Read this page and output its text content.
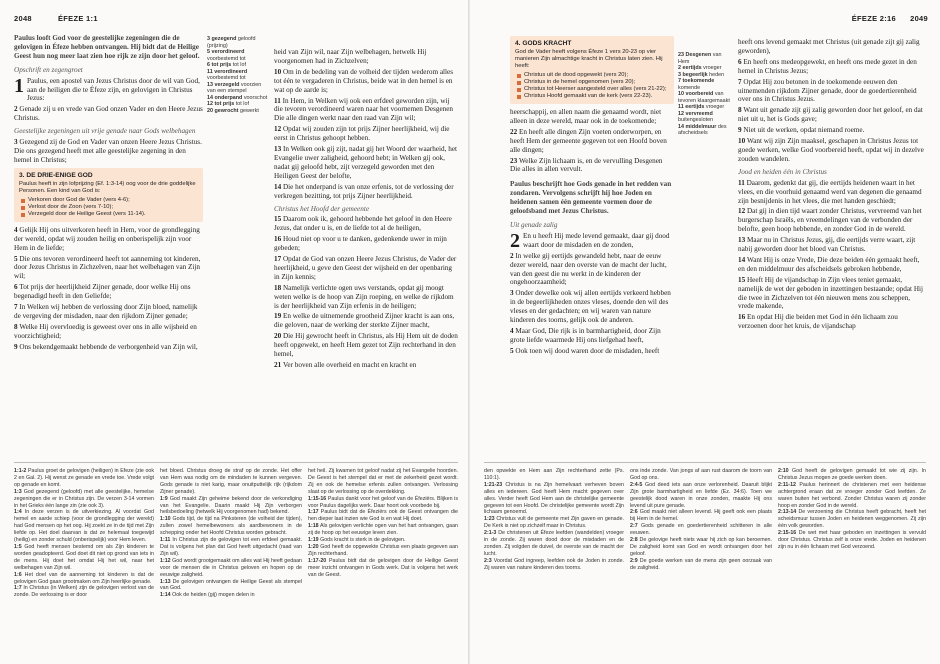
2048	ÉFEZE 1:1

Paulus looft God voor de geestelijke zegeningen die de gelovigen in Éfeze hebben ontvangen. Hij bidt dat de Heilige Geest hun nog meer laat zien hoe rijk ze zijn door het geloof.

Opschrift en zegengroet

1 Paulus, een apostel van Jezus Christus door de wil van God, aan de heiligen die te Éfeze zijn, en gelovigen in Christus Jezus:

2 Genade zij u en vrede van God onzen Vader en den Heere Jezus Christus.

Geestelijke zegeningen uit vrije genade naar Gods welbehagen

3 Gezegend zij de God en Vader van onzen Heere Jezus Christus. Die ons gezegend heeft met alle geestelijke zegening in den hemel in Christus;

3. DE DRIE-ENIGE GOD
Paulus heeft in zijn lofprijzing (Ef. 1:3-14) oog voor de drie goddelijke Personen. Een kind van God is:
Verkoren door God de Vader (vers 4-6);
Verlost door de Zoon (vers 7-10);
Verzegeld door de Heilige Geest (vers 11-14).

4 Gelijk Hij ons uitverkoren heeft in Hem, voor de grondlegging der wereld, opdat wij zouden heilig en onberispelijk zijn voor Hem in de liefde;

5 Die ons tevoren verordineerd heeft tot aanneming tot kinderen, door Jezus Christus in Zichzelven, naar het welbehagen van Zijn wil;

6 Tot prijs der heerlijkheid Zijner genade, door welke Hij ons begenadigd heeft in den Geliefde;

7 In Welken wij hebben de verlossing door Zijn bloed, namelijk de vergeving der misdaden, naar den rijkdom Zijner genade;

8 Welke Hij overvloedig is geweest over ons in alle wijsheid en voorzichtigheid;

9 Ons bekendgemaakt hebbende de verborgenheid van Zijn wil,

3 gezegend geloofd (prijzing)
5 verordineerd voorbestemd tot
6 tot prijs tot lof
11 verordineerd voorbestemd tot
13 verzegeld voorzien van een stempel
14 onderpand voorschot
12 tot prijs tot lof
20 gewrocht gewerkt

heid van Zijn wil, naar Zijn welbehagen, hetwelk Hij voorgenomen had in Zichzelven;

10 Om in de bedeling van de volheid der tijden wederom alles tot één te vergaderen in Christus, beide wat in den hemel is en wat op de aarde is;

11 In Hem, in Welken wij ook een erfdeel geworden zijn, wij die tevoren verordineerd waren naar het voornemen Desgenen Die alle dingen werkt naar den raad van Zijn wil;

12 Opdat wij zouden zijn tot prijs Zijner heerlijkheid, wij die eerst in Christus gehoopt hebben.

13 In Welken ook gij zijt, nadat gij het Woord der waarheid, het Evangelie uwer zaligheid, gehoord hebt; in Welken gij ook, nadat gij geloofd hebt, zijt verzegeld geworden met den Heiligen Geest der belofte,

14 Die het onderpand is van onze erfenis, tot de verlossing der verkregen bezitting, tot prijs Zijner heerlijkheid.

Christus het Hoofd der gemeente

15 Daarom ook ik, gehoord hebbende het geloof in den Heere Jezus, dat onder u is, en de liefde tot al de heiligen,

16 Houd niet op voor u te danken, gedenkende uwer in mijn gebeden;

17 Opdat de God van onzen Heere Jezus Christus, de Vader der heerlijkheid, u geve den Geest der wijsheid en der openbaring in Zijn kennis;

18 Namelijk verlichte ogen uws verstands, opdat gij moogt weten welke is de hoop van Zijn roeping, en welke de rijkdom is der heerlijkheid van Zijn erfenis in de heiligen;

19 En welke de uitnemende grootheid Zijner kracht is aan ons, die geloven, naar de werking der sterkte Zijner macht,

20 Die Hij gewrocht heeft in Christus, als Hij Hem uit de doden heeft opgewekt, en heeft Hem gezet tot Zijn rechterhand in den hemel,

21 Ver boven alle overheid en macht en kracht en

1:1-2 Paulus groet de gelovigen (heiligen) in Éfeze (zie ook 2 en Gal. 2). Hij wenst ze genade en vrede toe. Vrede volgt op genade en komt.
1:3 God gezegend (geloofd) met alle geestelijke, hemelse zegeningen die er in Christus zijn. De verzen 3-14 vormen in het Grieks één lange zin (zie ook 3).
1:4 In deze verzen is de uitverkiezing. Al voordat God hemel en aarde schiep (voor de grondlegging der wereld) had God mensen op het oog. Hij zoekt ze in de tijd met Zijn liefde op. Het doel daarvan is dat ze helemaal toegewijd (heilig) en zonder schuld (onberispelijk) voor Hem leven.
1:5 God heeft mensen bestemd om als Zijn kinderen te worden geadopteerd. God doet dit niet op grond van iets in de mens. Hij doet het omdat Hij het wil, naar het welbehagen van Zijn wil.
1:6 Het doel van de aanneming tot kinderen is dat de gelovigen God gaan grootmaken om Zijn heerlijke genade.
1:7 In Christus (in Welken) zijn de gelovigen verlost van de zonde. De verlossing is er door
het bloed. Christus droeg de straf op de zonde. Het offer van Hem was nodig om de mindaden te kunnen vergeven. Gods genade is niet karig, maar onuitputtelijk rijk (rijkdom Zijner genade).
1:9 God maakt Zijn geheime bekend door de verkondiging van het Evangelie. Daarin maakt Hij Zijn verborgen heilsbedoeling (hetwelk Hij voorgenomen had) bekend.
1:10 Gods tijd, de tijd na Pinksteren (de volheid der tijden), zullen zowel hemelbewoners als aardbewoners in de schepping onder het Hoofd Christus worden gebracht.
1:11 In Christus zijn de gelovigen tot een erfdeel gemaakt. Dat is volgens het plan dat God heeft uitgedacht (raad van Zijn wil).
1:12 God wordt grootgemaakt om alles wat Hij heeft gedaan voor de mensen die in Christus geloven en hopen op de eeuwige zaligheid.
1:13 De gelovigen ontvangen de Heilige Geest als stempel van God.
1:14 Ook de heiden (gij) mogen delen in
het heil. Zij kwamen tot geloof nadat zij het Evangelie hoorden. De Geest is het stempel dat er met de zekerheid gezet wordt. Zij en ook de hemelse erfenis zullen ontvangen. Verlossing slaat op de verlossing op de overdekking.
1:15-16 Paulus dankt voor het geloof van de Éfeziërs. Blijken is voor Paulus dagelijks werk. Daar hoort ook voorbede bij.
1:17 Paulus bidt dat de Éfeziërs ook de Geest ontvangen die hen dieper laat inzien wie God is en wat Hij doet.
1:18 Als gelovigen verlichte ogen van het hart ontvangen, gaan zij de hoop op het eeuwige leven zien.
1:19 Gods kracht is sterk in de gelovigen.
1:20 God heeft de opgewekte Christus een plaats gegeven aan Zijn rechterhand.
1:17-20 Paulus bidt dat de gelovigen door de Heilige Geest meer inzicht ontvangen in Gods werk. Dat is volgens het werk van de Geest.
ÉFEZE 2:16 2049
4. GODS KRACHT
God de Vader heeft volgens Éfeze 1 vers 20-23 op vier manieren Zijn almachtige kracht in Christus laten zien. Hij heeft:
Christus uit de dood opgewekt (vers 20);
Christus in de hemel opgenomen (vers 20);
Christus tot Heerser aangesteld over alles (vers 21-22);
Christus Hoofd gemaakt van de kerk (vers 22-23).

heerschappij, en allen naam die genaamd wordt, niet alleen in deze wereld, maar ook in de toekomende;

22 En heeft alle dingen Zijn voeten onderworpen, en heeft Hem der gemeente gegeven tot een Hoofd boven alle dingen;

23 Welke Zijn lichaam is, en de vervulling Desgenen Die alles in allen vervult.

Paulus beschrijft hoe Gods genade in het redden van zondaren. Vervolgens schrijft hij hoe Joden en heidenen samen één gemeente vormen door de geloofsband met Jezus Christus.

Uit genade zalig

2 En u heeft Hij mede levend gemaakt, daar gij dood waart door de misdaden en de zonden,

2 In welke gij eertijds gewandeld hebt, naar de eeuw dezer wereld, naar den overste van de macht der lucht, van den geest die nu werkt in de kinderen der ongehoorzaamheid;

3 Onder dewelke ook wij allen eertijds verkeerd hebben in de begeerlijkheden onzes vleses, doende den wil des vleses en der gedachten; en wij waren van nature kinderen des toorns, gelijk ook de anderen.

4 Maar God, Die rijk is in barmhartigheid, door Zijn grote liefde waarmede Hij ons liefgehad heeft,

5 Ook toen wij dood waren door de misdaden, heeft

23 Desgenen van Hem
2 eertijds vroeger
3 begeerlijk heden
7 toekomende komende
10 voorbereid van tevoren klaargemaakt
11 eertijds vroeger
12 vervreemd buitengesloten
14 middelmuur des afscheidsels

heeft ons levend gemaakt met Christus (uit genade zijt gij zalig geworden),

6 En heeft ons medeopgewekt, en heeft ons mede gezet in den hemel in Christus Jezus;

7 Opdat Hij zou betonen in de toekomende eeuwen den uitnemenden rijkdom Zijner genade, door de goedertierenheid over ons in Christus Jezus.

8 Want uit genade zijt gij zalig geworden door het geloof, en dat niet uit u, het is Gods gave;

9 Niet uit de werken, opdat niemand roeme.

10 Want wij zijn Zijn maaksel, geschapen in Christus Jezus tot goede werken, welke God voorbereid heeft, opdat wij in dezelve zouden wandelen.

Jood en heiden één in Christus

11 Daarom, gedenkt dat gij, die eertijds heidenen waart in het vlees, en die voorhuid genaamd werd van degenen die genaamd zijn besnijdenis in het vlees, die met handen geschiedt;

12 Dat gij in dien tijd waart zonder Christus, vervreemd van het burgerschap Israëls, en vreemdelingen van de verbonden der belofte, geen hoop hebbende, en zonder God in de wereld.

13 Maar nu in Christus Jezus, gij, die eertijds verre waart, zijt nabij geworden door het bloed van Christus.

14 Want Hij is onze Vrede, Die deze beiden één gemaakt heeft, en den middelmuur des afscheidsels gebroken hebbende,

15 Heeft Hij de vijandschap in Zijn vlees teniet gemaakt, namelijk de wet der geboden in inzettingen bestaande; opdat Hij die twee in Zichzelven tot één nieuwen mens zou scheppen, vrede makende,

16 En opdat Hij die beiden met God in één lichaam zou verzoenen door het kruis, de vijandschap

den opwekte en Hem aan Zijn rechterhand zette (Ps. 110:1).
1:21-23 Christus is na Zijn hemelvaart verheven boven alles en iedereen. God heeft Hem macht gegeven over alles. Verder heeft God Hem aan de christelijke gemeente gegeven tot een Hoofd. De christelijke gemeente wordt Zijn lichaam genoemd.
1:23 Christus vult de gemeente met Zijn gaven en genade. De Kerk is niet op zichzelf maar in Christus.
2:1-3 De christenen uit Éfeze leefden (wandelden) vroeger in de zonde. Zij waren dood door de misdaden en de zonden. Zij volgden de duivel, de overste van de macht der lucht.
2:3 Voordat God ingreep, leefden ook de Joden in zonde. Zij waren van nature kinderen des toorns.
ons inde zonde. Van jongs af aan rust daarom de toorn van God op ons.
2:4-5 God deed iets aan onze verlorenheid. Daaruit blijkt Zijn grote barmhartigheid en liefde (Ez. 34:6). Toen we geestelijk dood waren in onze zonden, maakte Hij ons levend uit pure genade.
2:6 God maakt niet alleen levend. Hij geeft ook een plaats bij Hem in de hemel.
2:7 Gods genade en goedertierenheid schitteren in alle eeuwen.
2:8 De gelovige heeft niets waar hij zich op kan beroemen. De zaligheid komt van God en wordt ontvangen door het geloof.
2:9 De goede werken van de mens zijn geen oorzaak van de zaligheid.
2:10 God heeft de gelovigen gemaakt tot wie zij zijn. In Christus Jezus mogen ze goede werken doen.
2:11-12 Paulus herinnert de christenen met een heidense achtergrond eraan dat ze vroeger zonder God leefden. Ze waren buiten het verbond. Zonder Christus waren zij zonder hoop en zonder God in de wereld.
2:13-14 De verzoening die Christus heeft gebracht, heeft het scheidsmuur tussen Joden en heidenen weggenomen. Zij zijn één volk geworden.
2:15-16 De wet met haar geboden en inzettingen is vervuld door Christus. Christus zelf is onze vrede. Joden en heidenen zijn nu in één lichaam met God verzoend.
